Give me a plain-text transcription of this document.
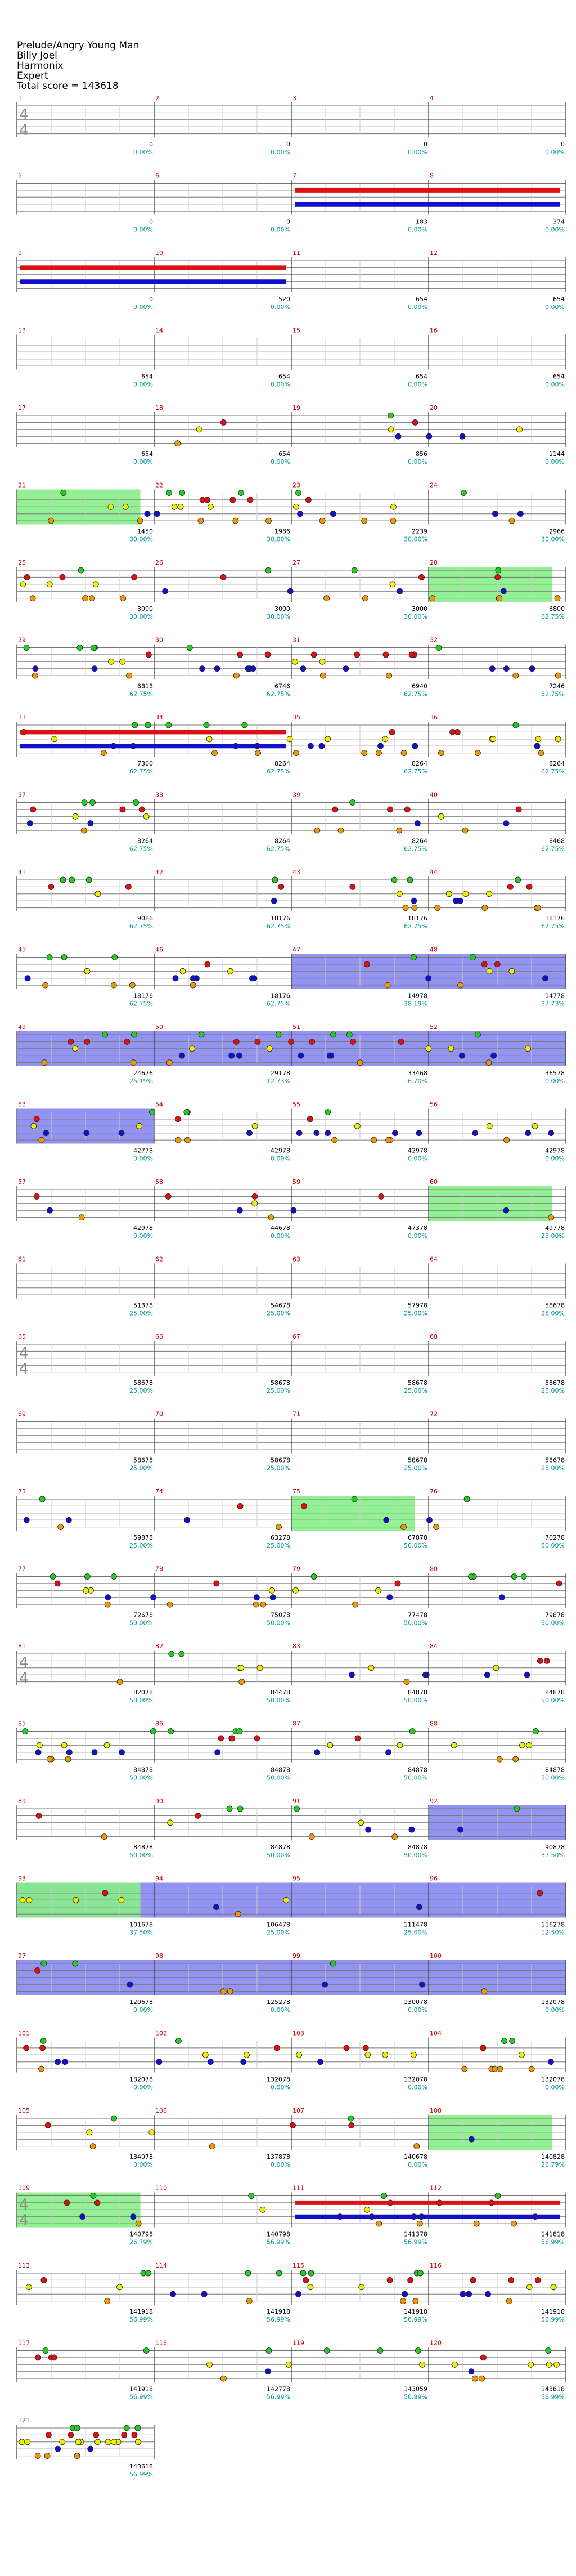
Prelude/Angry Young Man
Billy Joel
Harmonix
Expert
Total score = 143618
4
4
1
0
0.00%
2
0
0.00%
3
0
0.00%
4
0
0.00%
5
0
0.00%
6
0
0.00%
7
183
0.00%
8
374
0.00%
9
0
0.00%
10
520
0.00%
11
654
0.00%
12
654
0.00%
13
654
0.00%
14
654
0.00%
15
654
0.00%
16
654
0.00%
17
654
0.00%
18
654
0.00%
19
856
0.00%
20
1144
0.00%
21
1450
30.00%
22
1986
30.00%
23
2239
30.00%
24
2966
30.00%
25
3000
30.00%
26
3000
30.00%
27
3000
30.00%
28
6800
62.75%
29
6818
62.75%
30
6746
62.75%
31
6940
62.75%
32
7246
62.75%
33
7300
62.75%
34
8264
62.75%
35
8264
62.75%
36
8264
62.75%
37
8264
62.75%
38
8264
62.75%
39
8264
62.75%
40
8468
62.75%
41
9086
62.75%
42
18176
62.75%
43
18176
62.75%
44
18176
62.75%
45
18176
62.75%
46
18176
62.75%
47
14978
38.19%
48
14778
37.73%
49
24676
25.19%
50
29178
12.73%
51
33468
6.70%
52
36578
0.00%
53
42778
0.00%
54
42978
0.00%
55
42978
0.00%
56
42978
0.00%
57
42978
0.00%
58
44678
0.00%
59
47378
0.00%
60
49778
25.00%
61
51378
25.00%
62
54678
25.00%
63
57978
25.00%
64
58678
25.00%
4
4
65
58678
25.00%
66
58678
25.00%
67
58678
25.00%
68
58678
25.00%
69
58678
25.00%
70
58678
25.00%
71
58678
25.00%
72
58678
25.00%
73
59878
25.00%
74
63278
25.00%
75
67878
50.00%
76
70278
50.00%
77
72678
50.00%
78
75078
50.00%
79
77478
50.00%
80
79878
50.00%
4
4
81
82078
50.00%
82
84478
50.00%
83
84878
50.00%
84
84878
50.00%
85
84878
50.00%
86
84878
50.00%
87
84878
50.00%
88
84878
50.00%
89
84878
50.00%
90
84878
50.00%
91
84878
50.00%
92
90878
37.50%
93
101678
37.50%
94
106478
25.00%
95
111478
25.00%
96
116278
12.50%
97
120678
0.00%
98
125278
0.00%
99
130078
0.00%
100
132078
0.00%
101
132078
0.00%
102
132078
0.00%
103
132078
0.00%
104
132078
0.00%
105
134078
0.00%
106
137878
0.00%
107
140678
0.00%
108
140828
26.79%
4
4
109
140798
26.79%
110
140798
56.99%
111
141378
56.99%
112
141818
56.99%
113
141918
56.99%
114
141918
56.99%
115
141918
56.99%
116
141918
56.99%
117
141918
56.99%
118
142778
56.99%
119
143059
56.99%
120
143618
56.99%
121
143618
56.99%
